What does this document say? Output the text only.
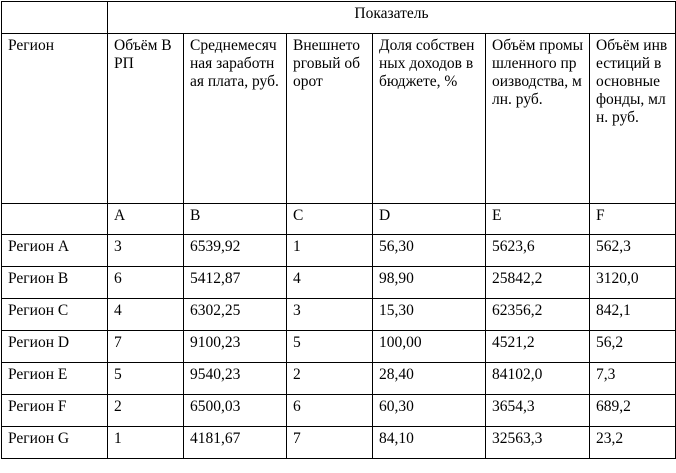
	Показатель					
Регион	Объём ВРП	Среднемесячная заработная плата, руб.	Внешнеторговый оборот	Доля собственных доходов в бюджете, %	Объём промышленного производства, млн. руб.	Объём инвестиций в основные фонды, млн. руб.
	A	B	C	D	E	F
Регион A	3	6539,92	1	56,30	5623,6	562,3
Регион B	6	5412,87	4	98,90	25842,2	3120,0
Регион C	4	6302,25	3	15,30	62356,2	842,1
Регион D	7	9100,23	5	100,00	4521,2	56,2
Регион E	5	9540,23	2	28,40	84102,0	7,3
Регион F	2	6500,03	6	60,30	3654,3	689,2
Регион G	1	4181,67	7	84,10	32563,3	23,2
